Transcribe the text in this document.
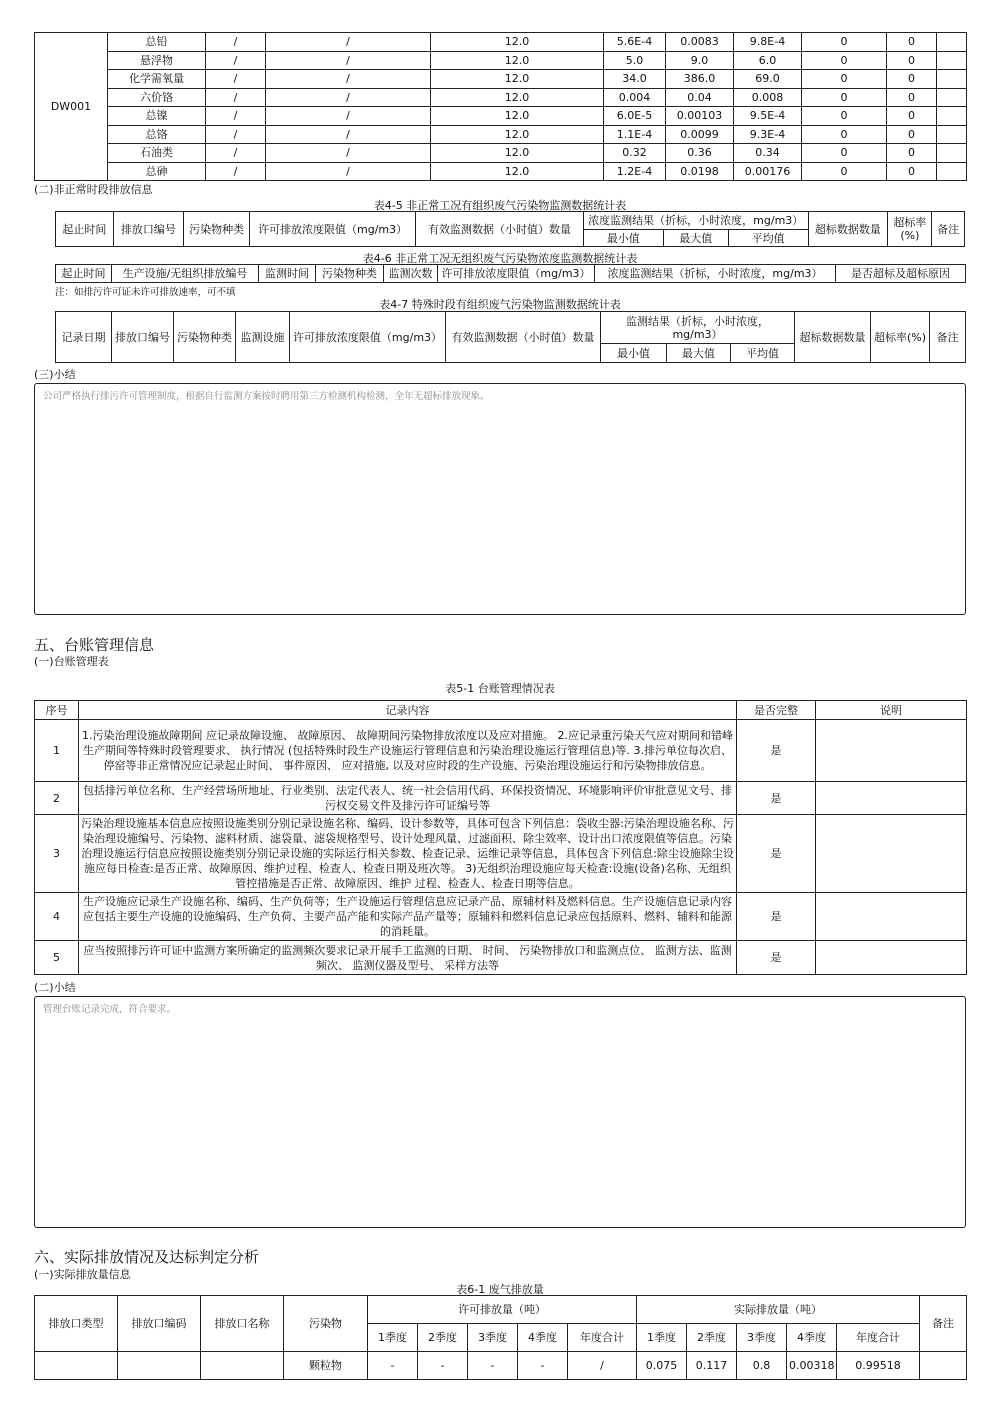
DW001	总铅	/	/	12.0	5.6E-4	0.0083	9.8E-4	0	0	
	悬浮物	/	/	12.0	5.0	9.0	6.0	0	0	
	化学需氧量	/	/	12.0	34.0	386.0	69.0	0	0	
	六价铬	/	/	12.0	0.004	0.04	0.008	0	0	
	总镍	/	/	12.0	6.0E-5	0.00103	9.5E-4	0	0	
	总铬	/	/	12.0	1.1E-4	0.0099	9.3E-4	0	0	
	石油类	/	/	12.0	0.32	0.36	0.34	0	0	
	总砷	/	/	12.0	1.2E-4	0.0198	0.00176	0	0	
(二)非正常时段排放信息
表4-5 非正常工况有组织废气污染物监测数据统计表
起止时间	排放口编号	污染物种类	许可排放浓度限值（mg/m3）	有效监测数据（小时值）数量	浓度监测结果（折标，小时浓度，mg/m3）			超标数据数量	超标率(%)	备注
					最小值	最大值	平均值			
表4-6 非正常工况无组织废气污染物浓度监测数据统计表
起止时间	生产设施/无组织排放编号	监测时间	污染物种类	监测次数	许可排放浓度限值（mg/m3）	浓度监测结果（折标，小时浓度，mg/m3）	是否超标及超标原因
注：如排污许可证未许可排放速率，可不填
表4-7 特殊时段有组织废气污染物监测数据统计表
记录日期	排放口编号	污染物种类	监测设施	许可排放浓度限值（mg/m3）	有效监测数据（小时值）数量	监测结果（折标，小时浓度，mg/m3）			超标数据数量	超标率(%)	备注
						最小值	最大值	平均值			
(三)小结
公司严格执行排污许可管理制度，根据自行监测方案按时聘用第三方检测机构检测，全年无超标排放现象。
五、台账管理信息
(一)台账管理表
表5-1 台账管理情况表
序号	记录内容	是否完整	说明
1	1.污染治理设施故障期间 应记录故障设施、 故障原因、 故障期间污染物排放浓度以及应对措施。 2.应记录重污染天气应对期间和错峰生产期间等特殊时段管理要求、 执行情况 (包括特殊时段生产设施运行管理信息和污染治理设施运行管理信息)等. 3.排污单位每次启、 停窑等非正常情况应记录起止时间、 事件原因、 应对措施, 以及对应时段的生产设施、污染治理设施运行和污染物排放信息。	是	
2	包括排污单位名称、生产经营场所地址、行业类别、法定代表人、统一社会信用代码、环保投资情况、环境影响评价审批意见文号、排污权交易文件及排污许可证编号等	是	
3	污染治理设施基本信息应按照设施类别分别记录设施名称、编码、设计参数等，具体可包含下列信息：袋收尘器:污染治理设施名称、污染治理设施编号、污染物、滤料材质、滤袋量、滤袋规格型号、设计处理风量、过滤面积、除尘效率、设计出口浓度限值等信息。污染治理设施运行信息应按照设施类别分别记录设施的实际运行相关参数、检查记录、运维记录等信息，具体包含下列信息:除尘设施除尘设施应每日检查:是否正常、故障原因、维护过程、检查人、检查日期及班次等。 3)无组织治理设施应每天检查:设施(设备)名称、无组织管控措施是否正常、故障原因、维护 过程、检查人、检查日期等信息。	是	
4	生产设施应记录生产设施名称、编码、生产负荷等；生产设施运行管理信息应记录产品、原辅材料及燃料信息。生产设施信息记录内容应包括主要生产设施的设施编码、生产负荷、主要产品产能和实际产品产量等；原辅料和燃料信息记录应包括原料、燃料、辅料和能源的消耗量。	是	
5	应当按照排污许可证中监测方案所确定的监测频次要求记录开展手工监测的日期、 时间、 污染物排放口和监测点位、 监测方法、监测频次、 监测仪器及型号、 采样方法等	是	
(二)小结
管理台账记录完成，符合要求。
六、实际排放情况及达标判定分析
(一)实际排放量信息
表6-1 废气排放量
排放口类型	排放口编码	排放口名称	污染物	许可排放量（吨）					实际排放量（吨）					备注
				1季度	2季度	3季度	4季度	年度合计	1季度	2季度	3季度	4季度	年度合计	
			颗粒物	-	-	-	-	/	0.075	0.117	0.8	0.00318	0.99518	
